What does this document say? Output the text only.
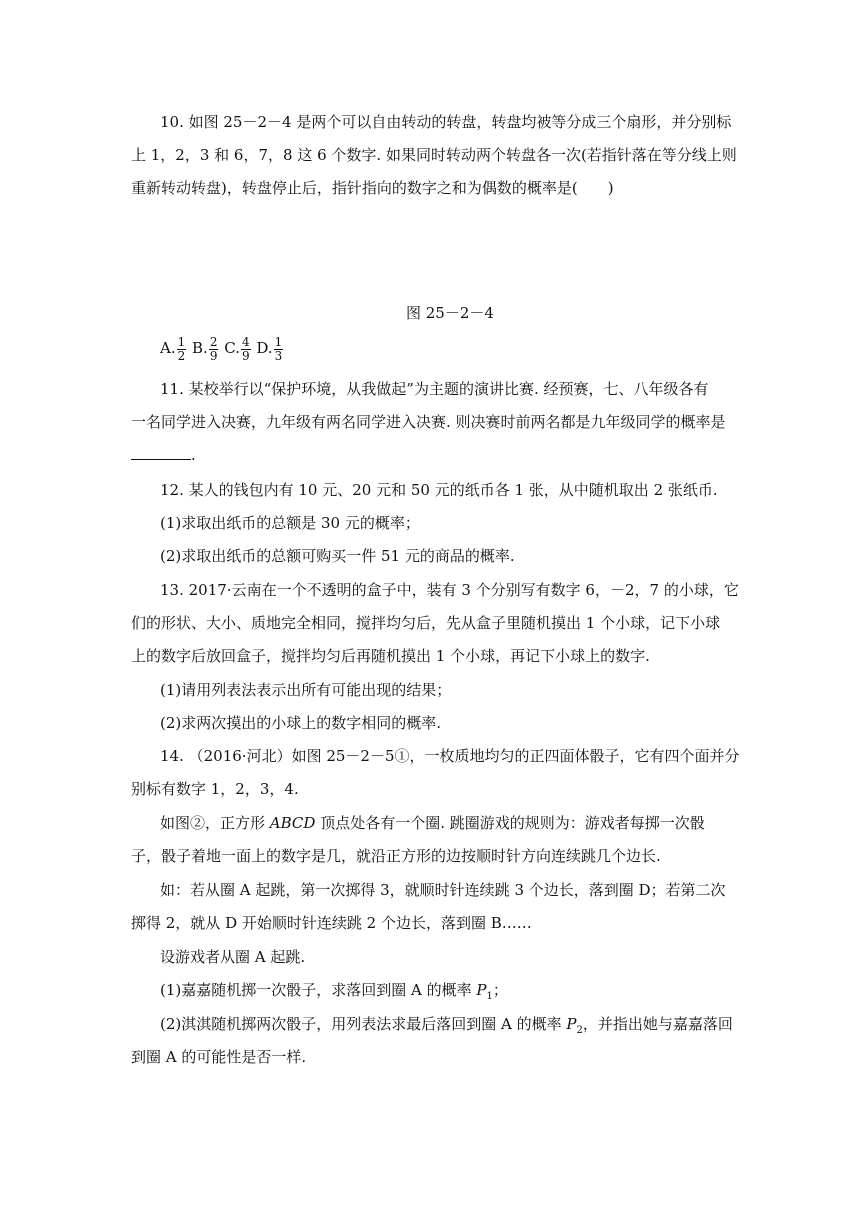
10. 如图 25－2－4 是两个可以自由转动的转盘，转盘均被等分成三个扇形，并分别标
上 1，2，3 和 6，7，8 这 6 个数字. 如果同时转动两个转盘各一次(若指针落在等分线上则
重新转动转盘)，转盘停止后，指针指向的数字之和为偶数的概率是(　　)
图 25－2－4
A. $\frac{1}{2} B$. $\frac{2}{9} C$. $\frac{4}{9} D$. $\frac{1}{3}$
11. 某校举行以“保护环境，从我做起”为主题的演讲比赛. 经预赛，七、八年级各有
一名同学进入决赛，九年级有两名同学进入决赛. 则决赛时前两名都是九年级同学的概率是
.
12. 某人的钱包内有 10 元、20 元和 50 元的纸币各 1 张，从中随机取出 2 张纸币.
(1)求取出纸币的总额是 30 元的概率；
(2)求取出纸币的总额可购买一件 51 元的商品的概率.
13. 2017·云南在一个不透明的盒子中，装有 3 个分别写有数字 6，－2，7 的小球，它
们的形状、大小、质地完全相同，搅拌均匀后，先从盒子里随机摸出 1 个小球，记下小球
上的数字后放回盒子，搅拌均匀后再随机摸出 1 个小球，再记下小球上的数字.
(1)请用列表法表示出所有可能出现的结果；
(2)求两次摸出的小球上的数字相同的概率.
14. （2016·河北）如图 25－2－5①，一枚质地均匀的正四面体骰子，它有四个面并分
别标有数字 1，2，3，4.
如图②，正方形 ABCD 顶点处各有一个圈. 跳圈游戏的规则为：游戏者每掷一次骰
子，骰子着地一面上的数字是几，就沿正方形的边按顺时针方向连续跳几个边长.
如：若从圈 A 起跳，第一次掷得 3，就顺时针连续跳 3 个边长，落到圈 D；若第二次
掷得 2，就从 D 开始顺时针连续跳 2 个边长，落到圈 B……
设游戏者从圈 A 起跳.
(1)嘉嘉随机掷一次骰子，求落回到圈 A 的概率 $P_1$；
(2)淇淇随机掷两次骰子，用列表法求最后落回到圈 A 的概率 $P_2$，并指出她与嘉嘉落回
到圈 A 的可能性是否一样.
